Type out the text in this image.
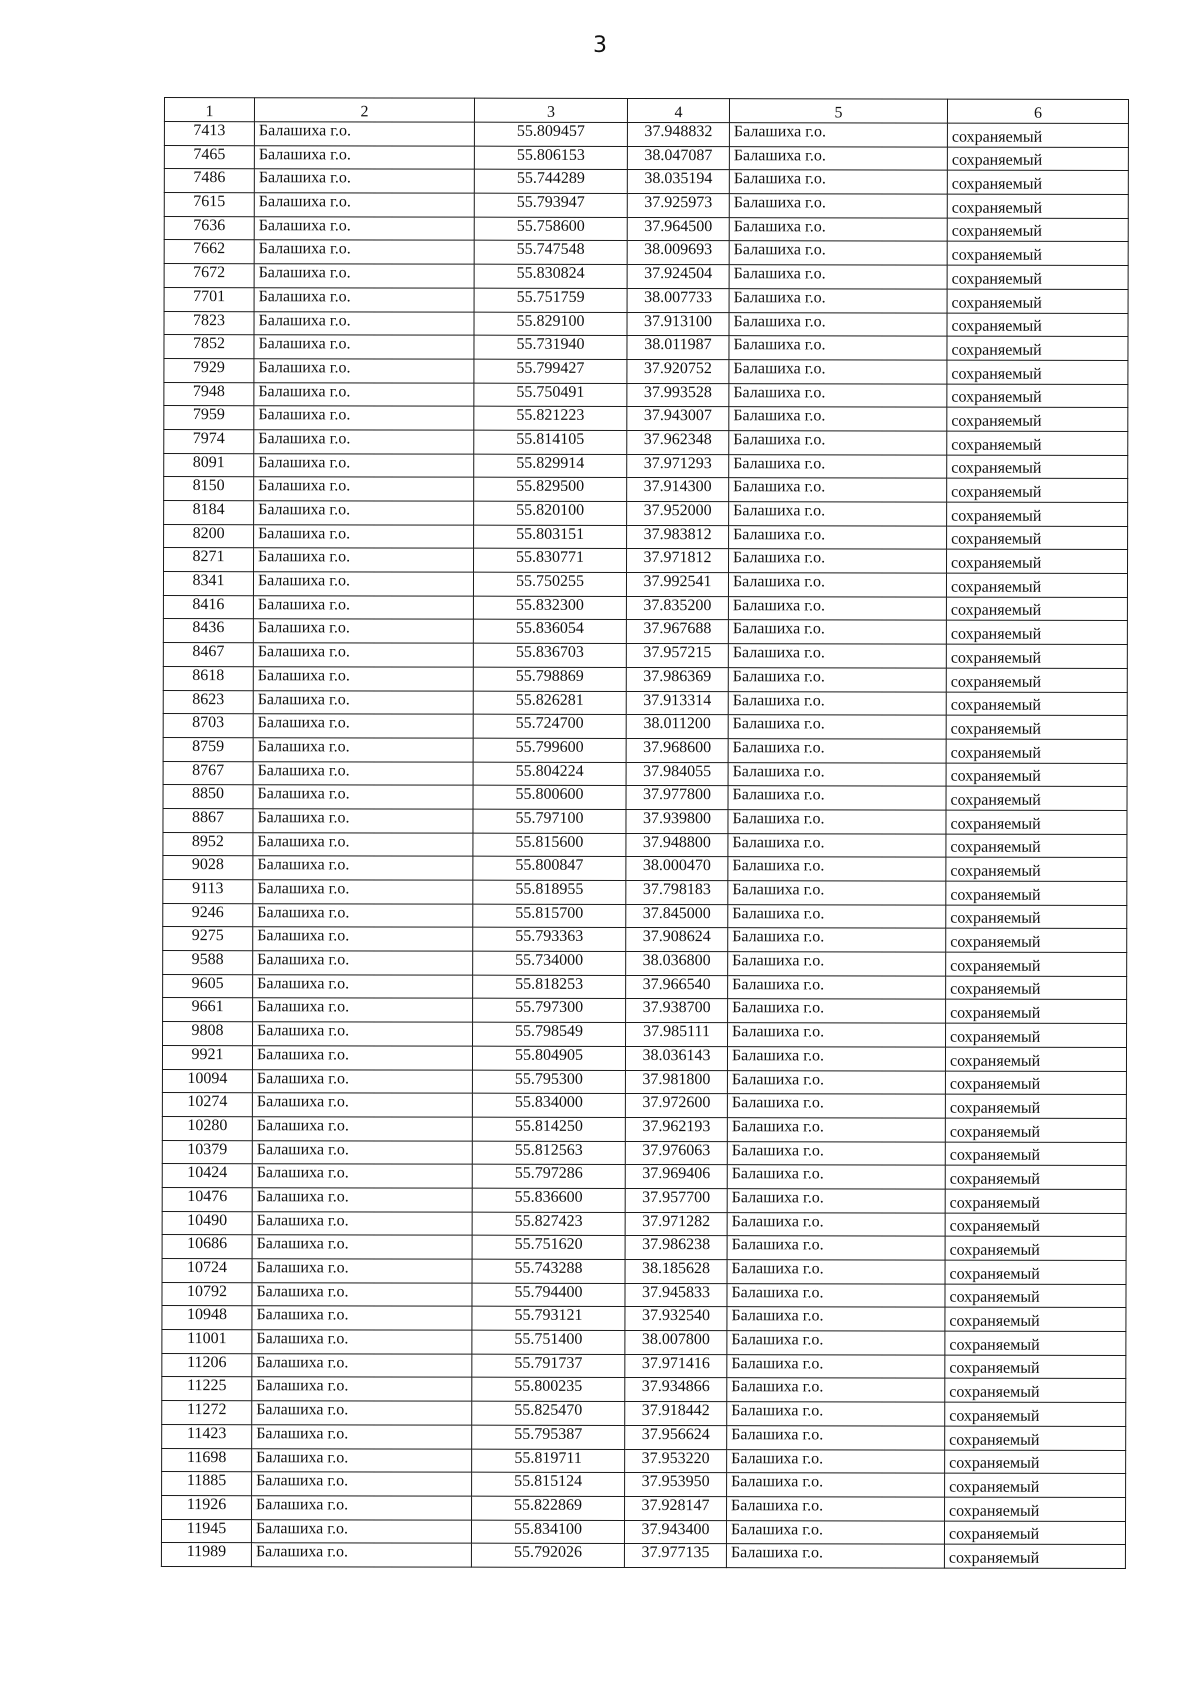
3
1	2	3	4	5	6
7413	Балашиха г.о.	55.809457	37.948832	Балашиха г.о.	сохраняемый
7465	Балашиха г.о.	55.806153	38.047087	Балашиха г.о.	сохраняемый
7486	Балашиха г.о.	55.744289	38.035194	Балашиха г.о.	сохраняемый
7615	Балашиха г.о.	55.793947	37.925973	Балашиха г.о.	сохраняемый
7636	Балашиха г.о.	55.758600	37.964500	Балашиха г.о.	сохраняемый
7662	Балашиха г.о.	55.747548	38.009693	Балашиха г.о.	сохраняемый
7672	Балашиха г.о.	55.830824	37.924504	Балашиха г.о.	сохраняемый
7701	Балашиха г.о.	55.751759	38.007733	Балашиха г.о.	сохраняемый
7823	Балашиха г.о.	55.829100	37.913100	Балашиха г.о.	сохраняемый
7852	Балашиха г.о.	55.731940	38.011987	Балашиха г.о.	сохраняемый
7929	Балашиха г.о.	55.799427	37.920752	Балашиха г.о.	сохраняемый
7948	Балашиха г.о.	55.750491	37.993528	Балашиха г.о.	сохраняемый
7959	Балашиха г.о.	55.821223	37.943007	Балашиха г.о.	сохраняемый
7974	Балашиха г.о.	55.814105	37.962348	Балашиха г.о.	сохраняемый
8091	Балашиха г.о.	55.829914	37.971293	Балашиха г.о.	сохраняемый
8150	Балашиха г.о.	55.829500	37.914300	Балашиха г.о.	сохраняемый
8184	Балашиха г.о.	55.820100	37.952000	Балашиха г.о.	сохраняемый
8200	Балашиха г.о.	55.803151	37.983812	Балашиха г.о.	сохраняемый
8271	Балашиха г.о.	55.830771	37.971812	Балашиха г.о.	сохраняемый
8341	Балашиха г.о.	55.750255	37.992541	Балашиха г.о.	сохраняемый
8416	Балашиха г.о.	55.832300	37.835200	Балашиха г.о.	сохраняемый
8436	Балашиха г.о.	55.836054	37.967688	Балашиха г.о.	сохраняемый
8467	Балашиха г.о.	55.836703	37.957215	Балашиха г.о.	сохраняемый
8618	Балашиха г.о.	55.798869	37.986369	Балашиха г.о.	сохраняемый
8623	Балашиха г.о.	55.826281	37.913314	Балашиха г.о.	сохраняемый
8703	Балашиха г.о.	55.724700	38.011200	Балашиха г.о.	сохраняемый
8759	Балашиха г.о.	55.799600	37.968600	Балашиха г.о.	сохраняемый
8767	Балашиха г.о.	55.804224	37.984055	Балашиха г.о.	сохраняемый
8850	Балашиха г.о.	55.800600	37.977800	Балашиха г.о.	сохраняемый
8867	Балашиха г.о.	55.797100	37.939800	Балашиха г.о.	сохраняемый
8952	Балашиха г.о.	55.815600	37.948800	Балашиха г.о.	сохраняемый
9028	Балашиха г.о.	55.800847	38.000470	Балашиха г.о.	сохраняемый
9113	Балашиха г.о.	55.818955	37.798183	Балашиха г.о.	сохраняемый
9246	Балашиха г.о.	55.815700	37.845000	Балашиха г.о.	сохраняемый
9275	Балашиха г.о.	55.793363	37.908624	Балашиха г.о.	сохраняемый
9588	Балашиха г.о.	55.734000	38.036800	Балашиха г.о.	сохраняемый
9605	Балашиха г.о.	55.818253	37.966540	Балашиха г.о.	сохраняемый
9661	Балашиха г.о.	55.797300	37.938700	Балашиха г.о.	сохраняемый
9808	Балашиха г.о.	55.798549	37.985111	Балашиха г.о.	сохраняемый
9921	Балашиха г.о.	55.804905	38.036143	Балашиха г.о.	сохраняемый
10094	Балашиха г.о.	55.795300	37.981800	Балашиха г.о.	сохраняемый
10274	Балашиха г.о.	55.834000	37.972600	Балашиха г.о.	сохраняемый
10280	Балашиха г.о.	55.814250	37.962193	Балашиха г.о.	сохраняемый
10379	Балашиха г.о.	55.812563	37.976063	Балашиха г.о.	сохраняемый
10424	Балашиха г.о.	55.797286	37.969406	Балашиха г.о.	сохраняемый
10476	Балашиха г.о.	55.836600	37.957700	Балашиха г.о.	сохраняемый
10490	Балашиха г.о.	55.827423	37.971282	Балашиха г.о.	сохраняемый
10686	Балашиха г.о.	55.751620	37.986238	Балашиха г.о.	сохраняемый
10724	Балашиха г.о.	55.743288	38.185628	Балашиха г.о.	сохраняемый
10792	Балашиха г.о.	55.794400	37.945833	Балашиха г.о.	сохраняемый
10948	Балашиха г.о.	55.793121	37.932540	Балашиха г.о.	сохраняемый
11001	Балашиха г.о.	55.751400	38.007800	Балашиха г.о.	сохраняемый
11206	Балашиха г.о.	55.791737	37.971416	Балашиха г.о.	сохраняемый
11225	Балашиха г.о.	55.800235	37.934866	Балашиха г.о.	сохраняемый
11272	Балашиха г.о.	55.825470	37.918442	Балашиха г.о.	сохраняемый
11423	Балашиха г.о.	55.795387	37.956624	Балашиха г.о.	сохраняемый
11698	Балашиха г.о.	55.819711	37.953220	Балашиха г.о.	сохраняемый
11885	Балашиха г.о.	55.815124	37.953950	Балашиха г.о.	сохраняемый
11926	Балашиха г.о.	55.822869	37.928147	Балашиха г.о.	сохраняемый
11945	Балашиха г.о.	55.834100	37.943400	Балашиха г.о.	сохраняемый
11989	Балашиха г.о.	55.792026	37.977135	Балашиха г.о.	сохраняемый
